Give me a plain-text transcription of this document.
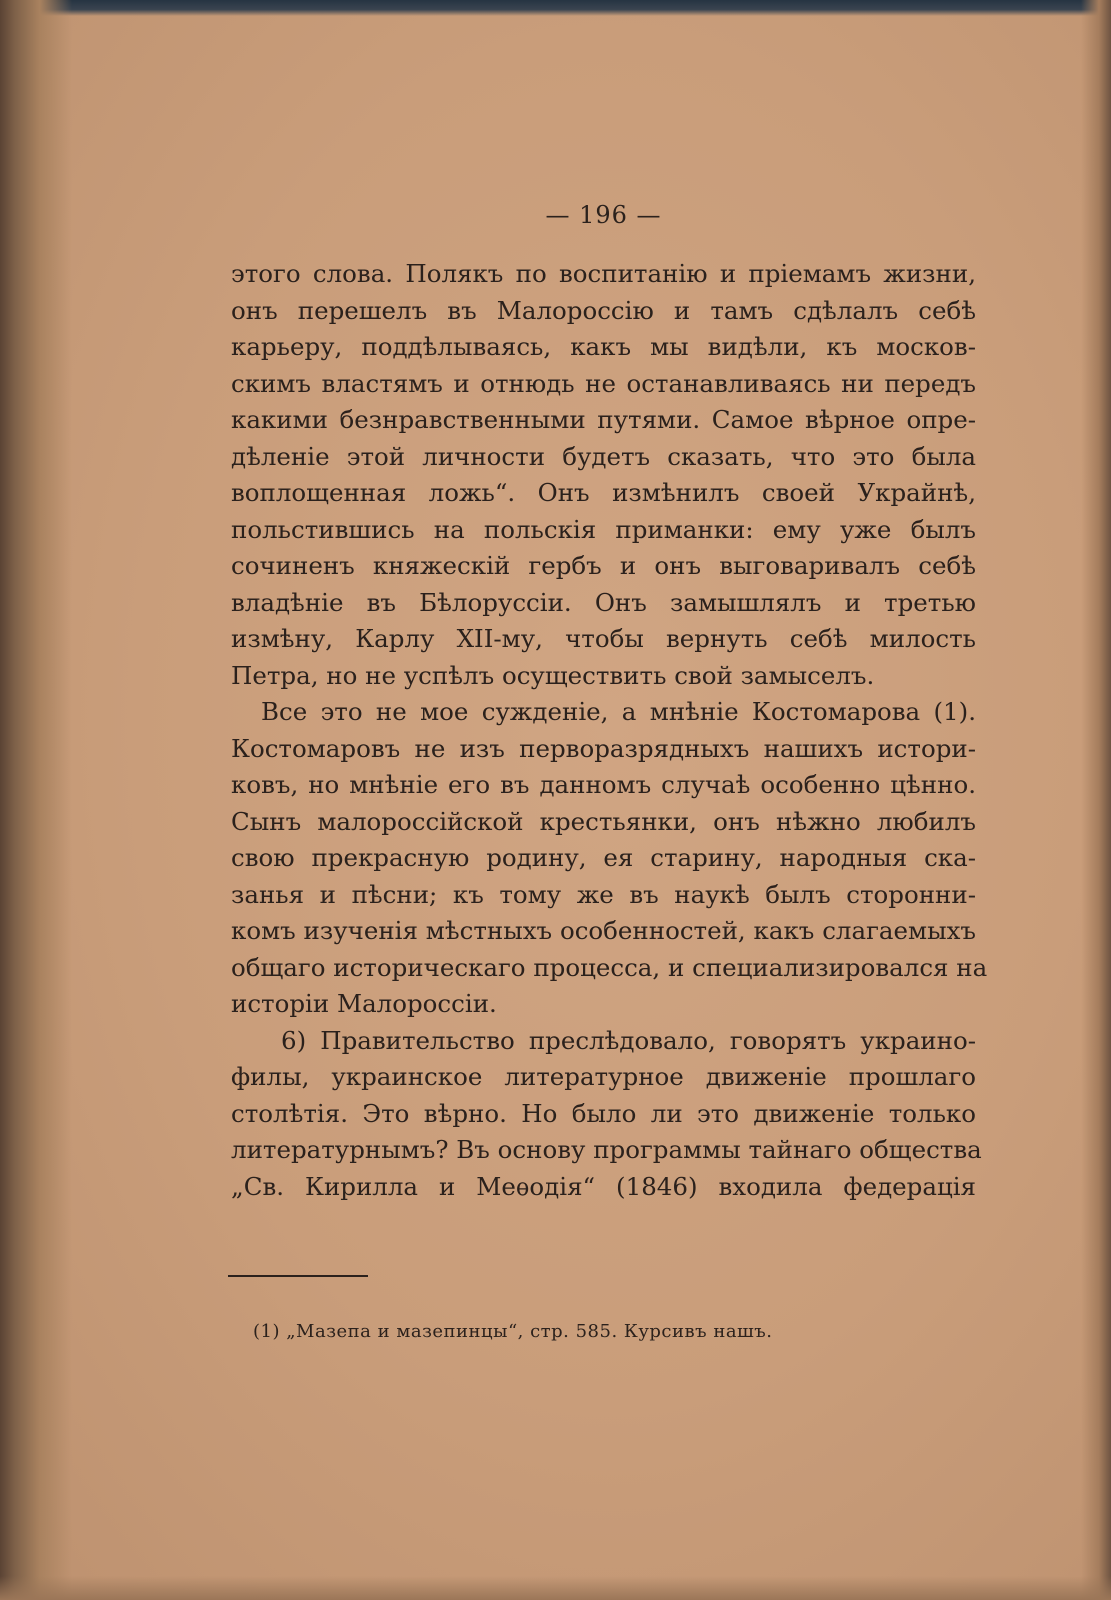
— 196 —
этого слова. Полякъ по воспитанію и пріемамъ жизни,
онъ перешелъ въ Малороссію и тамъ сдѣлалъ себѣ
карьеру, поддѣлываясь, какъ мы видѣли, къ москов-
скимъ властямъ и отнюдь не останавливаясь ни передъ
какими безнравственными путями. Самое вѣрное опре-
дѣленіе этой личности будетъ сказать, что это была
воплощенная ложь“. Онъ измѣнилъ своей Украйнѣ,
польстившись на польскія приманки: ему уже былъ
сочиненъ княжескій гербъ и онъ выговаривалъ себѣ
владѣніе въ Бѣлоруссіи. Онъ замышлялъ и третью
измѣну, Карлу XII-му, чтобы вернуть себѣ милость
Петра, но не успѣлъ осуществить свой замыселъ.
Все это не мое сужденіе, а мнѣніе Костомарова (1).
Костомаровъ не изъ перворазрядныхъ нашихъ истори-
ковъ, но мнѣніе его въ данномъ случаѣ особенно цѣнно.
Сынъ малороссійской крестьянки, онъ нѣжно любилъ
свою прекрасную родину, ея старину, народныя ска-
занья и пѣсни; къ тому же въ наукѣ былъ сторонни-
комъ изученія мѣстныхъ особенностей, какъ слагаемыхъ
общаго историческаго процесса, и специализировался на
исторіи Малороссіи.
6) Правительство преслѣдовало, говорятъ украино-
филы, украинское литературное движеніе прошлаго
столѣтія. Это вѣрно. Но было ли это движеніе только
литературнымъ? Въ основу программы тайнаго общества
„Св. Кирилла и Меѳодія“ (1846) входила федерація
(1) „Мазепа и мазепинцы“, стр. 585. Курсивъ нашъ.
